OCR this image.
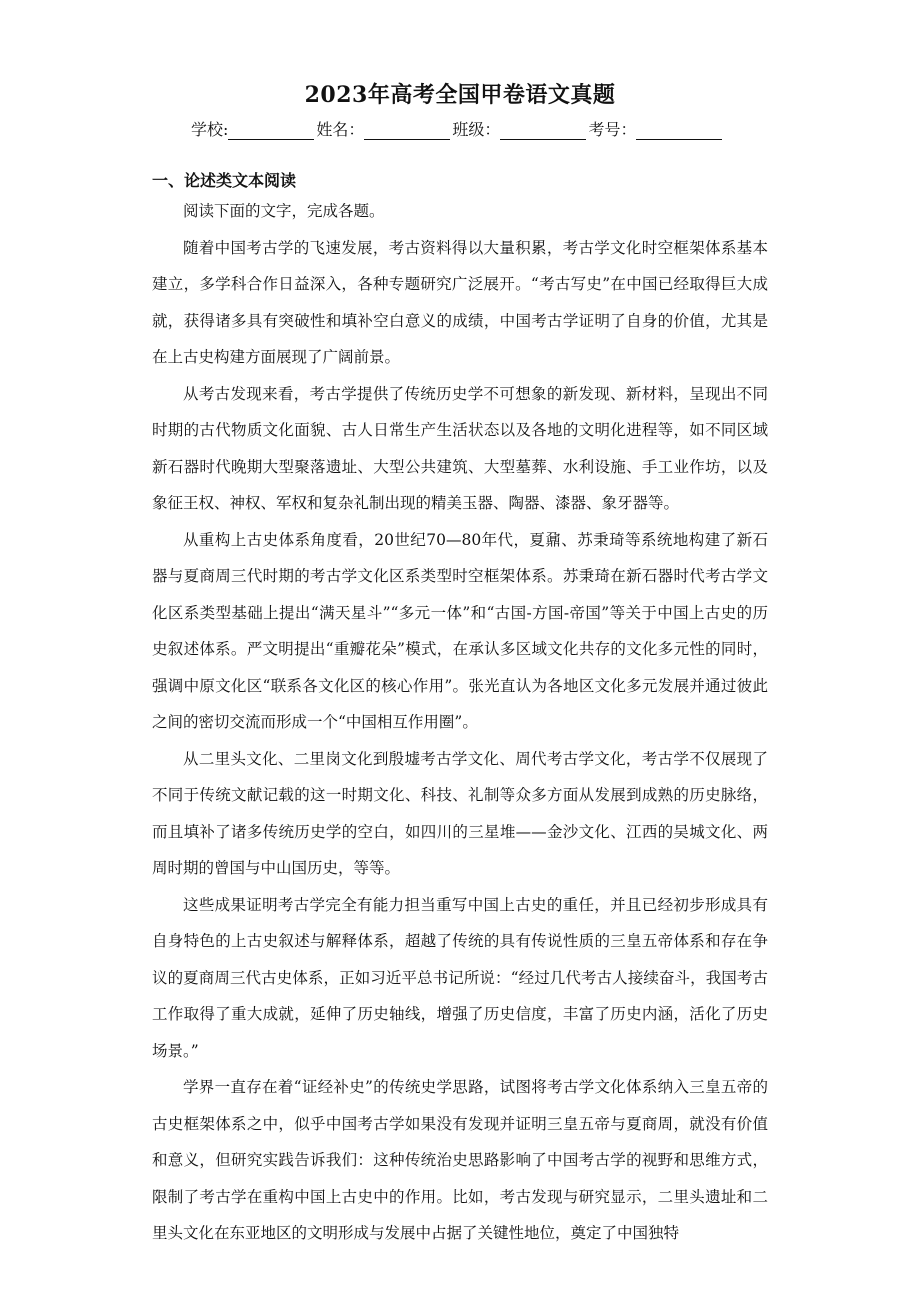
2023年高考全国甲卷语文真题
学校:	姓名：	班级：	考号：
一、论述类文本阅读

阅读下面的文字，完成各题。

随着中国考古学的飞速发展，考古资料得以大量积累，考古学文化时空框架体系基本建立，多学科合作日益深入，各种专题研究广泛展开。“考古写史”在中国已经取得巨大成就，获得诸多具有突破性和填补空白意义的成绩，中国考古学证明了自身的价值，尤其是在上古史构建方面展现了广阔前景。

从考古发现来看，考古学提供了传统历史学不可想象的新发现、新材料，呈现出不同时期的古代物质文化面貌、古人日常生产生活状态以及各地的文明化进程等，如不同区域新石器时代晚期大型聚落遗址、大型公共建筑、大型墓葬、水利设施、手工业作坊，以及象征王权、神权、军权和复杂礼制出现的精美玉器、陶器、漆器、象牙器等。

从重构上古史体系角度看，20世纪70—80年代，夏鼐、苏秉琦等系统地构建了新石器与夏商周三代时期的考古学文化区系类型时空框架体系。苏秉琦在新石器时代考古学文化区系类型基础上提出“满天星斗”“多元一体”和“古国-方国-帝国”等关于中国上古史的历史叙述体系。严文明提出“重瓣花朵”模式，在承认多区域文化共存的文化多元性的同时，强调中原文化区“联系各文化区的核心作用”。张光直认为各地区文化多元发展并通过彼此之间的密切交流而形成一个“中国相互作用圈”。

从二里头文化、二里岗文化到殷墟考古学文化、周代考古学文化，考古学不仅展现了不同于传统文献记载的这一时期文化、科技、礼制等众多方面从发展到成熟的历史脉络，而且填补了诸多传统历史学的空白，如四川的三星堆——金沙文化、江西的吴城文化、两周时期的曾国与中山国历史，等等。

这些成果证明考古学完全有能力担当重写中国上古史的重任，并且已经初步形成具有自身特色的上古史叙述与解释体系，超越了传统的具有传说性质的三皇五帝体系和存在争议的夏商周三代古史体系，正如习近平总书记所说：“经过几代考古人接续奋斗，我国考古工作取得了重大成就，延伸了历史轴线，增强了历史信度，丰富了历史内涵，活化了历史场景。”

学界一直存在着“证经补史”的传统史学思路，试图将考古学文化体系纳入三皇五帝的古史框架体系之中，似乎中国考古学如果没有发现并证明三皇五帝与夏商周，就没有价值和意义，但研究实践告诉我们：这种传统治史思路影响了中国考古学的视野和思维方式，限制了考古学在重构中国上古史中的作用。比如，考古发现与研究显示，二里头遗址和二里头文化在东亚地区的文明形成与发展中占据了关键性地位，奠定了中国独特
